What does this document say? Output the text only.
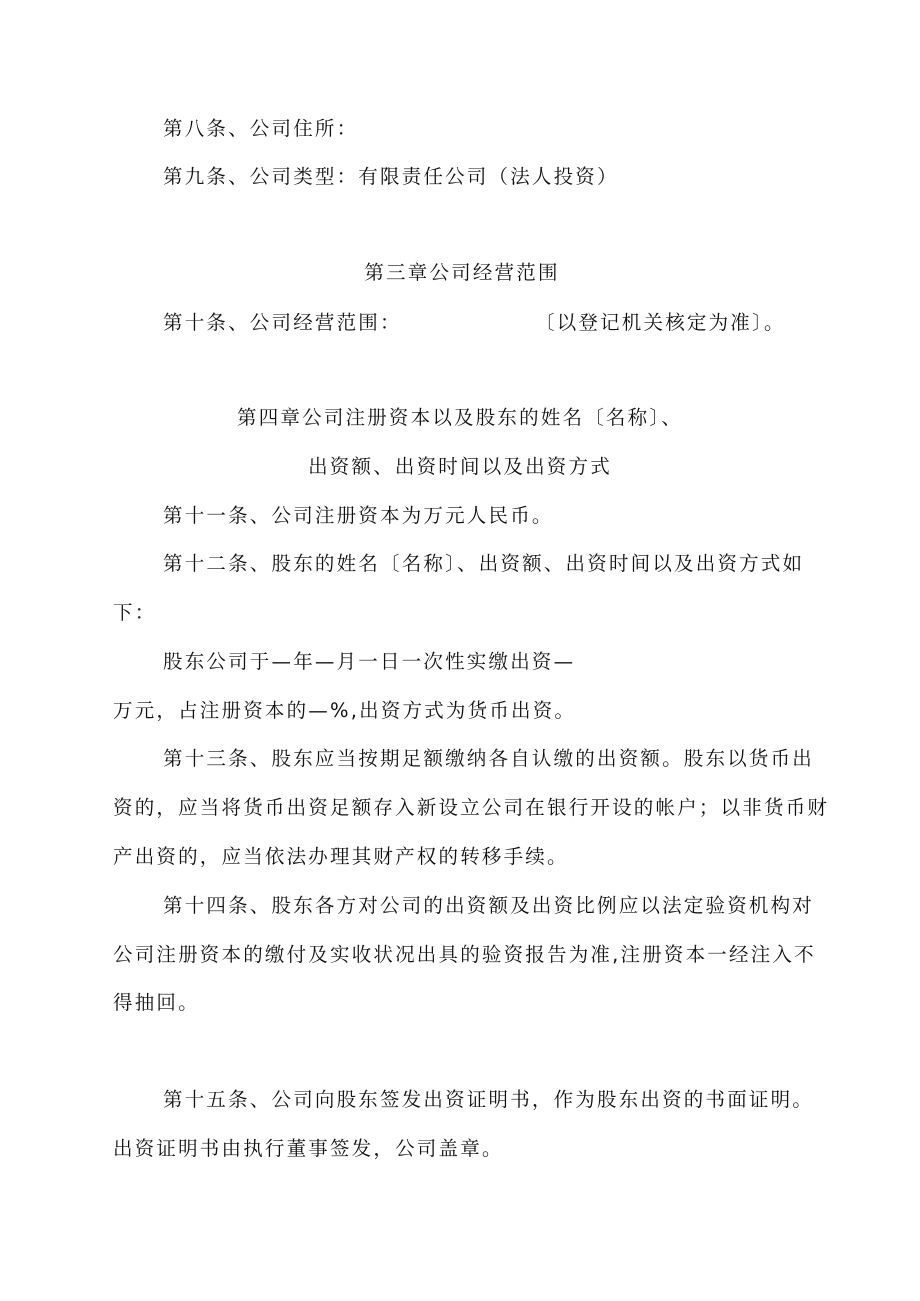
第八条、公司住所：
第九条、公司类型：有限责任公司（法人投资）
第三章公司经营范围
第十条、公司经营范围：	〔以登记机关核定为准〕。
第四章公司注册资本以及股东的姓名〔名称〕、
出资额、出资时间以及出资方式
第十一条、公司注册资本为万元人民币。
第十二条、股东的姓名〔名称〕、出资额、出资时间以及出资方式如
下：
股东公司于—年—月一日一次性实缴出资—
万元，占注册资本的—%,出资方式为货币出资。
第十三条、股东应当按期足额缴纳各自认缴的出资额。股东以货币出
资的，应当将货币出资足额存入新设立公司在银行开设的帐户；以非货币财
产出资的，应当依法办理其财产权的转移手续。
第十四条、股东各方对公司的出资额及出资比例应以法定验资机构对
公司注册资本的缴付及实收状况出具的验资报告为准,注册资本一经注入不
得抽回。
第十五条、公司向股东签发出资证明书，作为股东出资的书面证明。
出资证明书由执行董事签发，公司盖章。
